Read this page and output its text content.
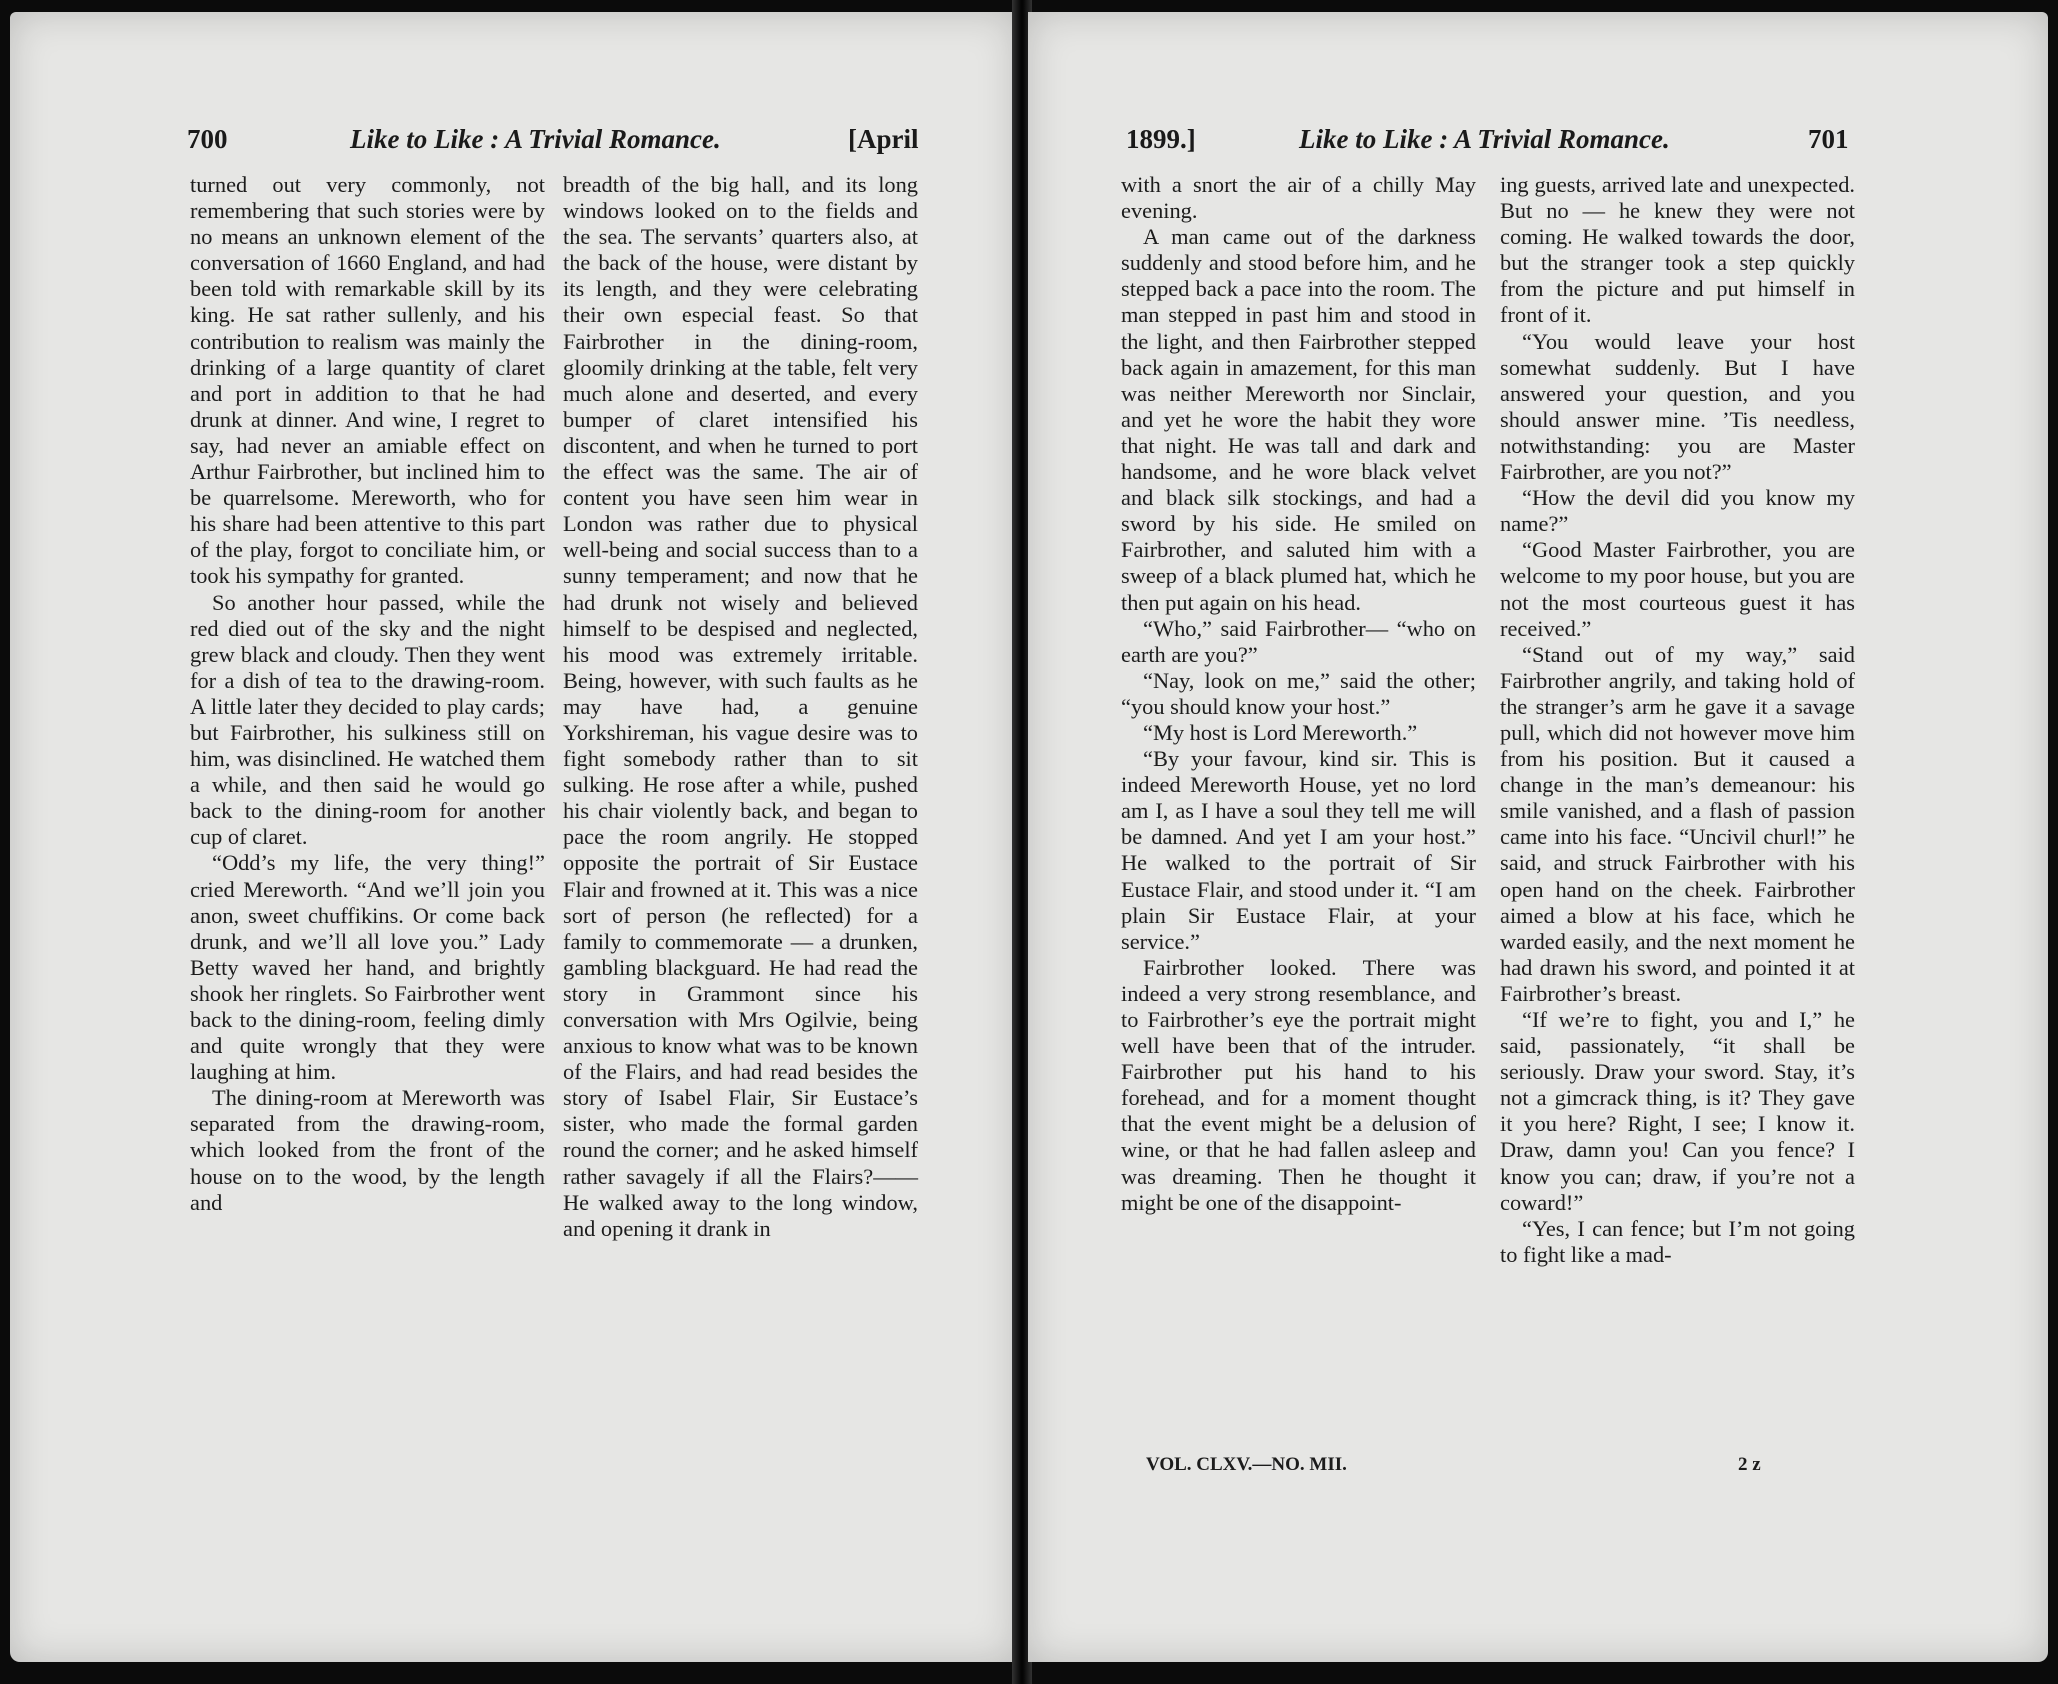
700	Like to Like : A Trivial Romance.	[April

turned out very commonly, not remembering that such stories were by no means an unknown element of the conversation of 1660 England, and had been told with remarkable skill by its king. He sat rather sullenly, and his contribution to realism was mainly the drinking of a large quantity of claret and port in addition to that he had drunk at dinner. And wine, I regret to say, had never an amiable effect on Arthur Fairbrother, but inclined him to be quarrelsome. Mereworth, who for his share had been attentive to this part of the play, forgot to conciliate him, or took his sympathy for granted.

So another hour passed, while the red died out of the sky and the night grew black and cloudy. Then they went for a dish of tea to the drawing-room. A little later they decided to play cards; but Fairbrother, his sulkiness still on him, was disinclined. He watched them a while, and then said he would go back to the dining-room for another cup of claret.

“Odd’s my life, the very thing!” cried Mereworth. “And we’ll join you anon, sweet chuffikins. Or come back drunk, and we’ll all love you.” Lady Betty waved her hand, and brightly shook her ringlets. So Fairbrother went back to the dining-room, feeling dimly and quite wrongly that they were laughing at him.

The dining-room at Mereworth was separated from the drawing-room, which looked from the front of the house on to the wood, by the length and

breadth of the big hall, and its long windows looked on to the fields and the sea. The servants’ quarters also, at the back of the house, were distant by its length, and they were celebrating their own especial feast. So that Fairbrother in the dining-room, gloomily drinking at the table, felt very much alone and deserted, and every bumper of claret intensified his discontent, and when he turned to port the effect was the same. The air of content you have seen him wear in London was rather due to physical well-being and social success than to a sunny temperament; and now that he had drunk not wisely and believed himself to be despised and neglected, his mood was extremely irritable. Being, however, with such faults as he may have had, a genuine Yorkshireman, his vague desire was to fight somebody rather than to sit sulking. He rose after a while, pushed his chair violently back, and began to pace the room angrily. He stopped opposite the portrait of Sir Eustace Flair and frowned at it. This was a nice sort of person (he reflected) for a family to commemorate — a drunken, gambling blackguard. He had read the story in Grammont since his conversation with Mrs Ogilvie, being anxious to know what was to be known of the Flairs, and had read besides the story of Isabel Flair, Sir Eustace’s sister, who made the formal garden round the corner; and he asked himself rather savagely if all the Flairs?—— He walked away to the long window, and opening it drank in

1899.]	Like to Like : A Trivial Romance.	701

with a snort the air of a chilly May evening.

A man came out of the darkness suddenly and stood before him, and he stepped back a pace into the room. The man stepped in past him and stood in the light, and then Fairbrother stepped back again in amazement, for this man was neither Mereworth nor Sinclair, and yet he wore the habit they wore that night. He was tall and dark and handsome, and he wore black velvet and black silk stockings, and had a sword by his side. He smiled on Fairbrother, and saluted him with a sweep of a black plumed hat, which he then put again on his head.

“Who,” said Fairbrother— “who on earth are you?”

“Nay, look on me,” said the other; “you should know your host.”

“My host is Lord Mereworth.”

“By your favour, kind sir. This is indeed Mereworth House, yet no lord am I, as I have a soul they tell me will be damned. And yet I am your host.” He walked to the portrait of Sir Eustace Flair, and stood under it. “I am plain Sir Eustace Flair, at your service.”

Fairbrother looked. There was indeed a very strong resemblance, and to Fairbrother’s eye the portrait might well have been that of the intruder. Fairbrother put his hand to his forehead, and for a moment thought that the event might be a delusion of wine, or that he had fallen asleep and was dreaming. Then he thought it might be one of the disappoint-

ing guests, arrived late and unexpected. But no — he knew they were not coming. He walked towards the door, but the stranger took a step quickly from the picture and put himself in front of it.

“You would leave your host somewhat suddenly. But I have answered your question, and you should answer mine. ’Tis needless, notwithstanding: you are Master Fairbrother, are you not?”

“How the devil did you know my name?”

“Good Master Fairbrother, you are welcome to my poor house, but you are not the most courteous guest it has received.”

“Stand out of my way,” said Fairbrother angrily, and taking hold of the stranger’s arm he gave it a savage pull, which did not however move him from his position. But it caused a change in the man’s demeanour: his smile vanished, and a flash of passion came into his face. “Uncivil churl!” he said, and struck Fairbrother with his open hand on the cheek. Fairbrother aimed a blow at his face, which he warded easily, and the next moment he had drawn his sword, and pointed it at Fairbrother’s breast.

“If we’re to fight, you and I,” he said, passionately, “it shall be seriously. Draw your sword. Stay, it’s not a gimcrack thing, is it? They gave it you here? Right, I see; I know it. Draw, damn you! Can you fence? I know you can; draw, if you’re not a coward!”

“Yes, I can fence; but I’m not going to fight like a mad-

VOL. CLXV.—NO. MII.	2 z
